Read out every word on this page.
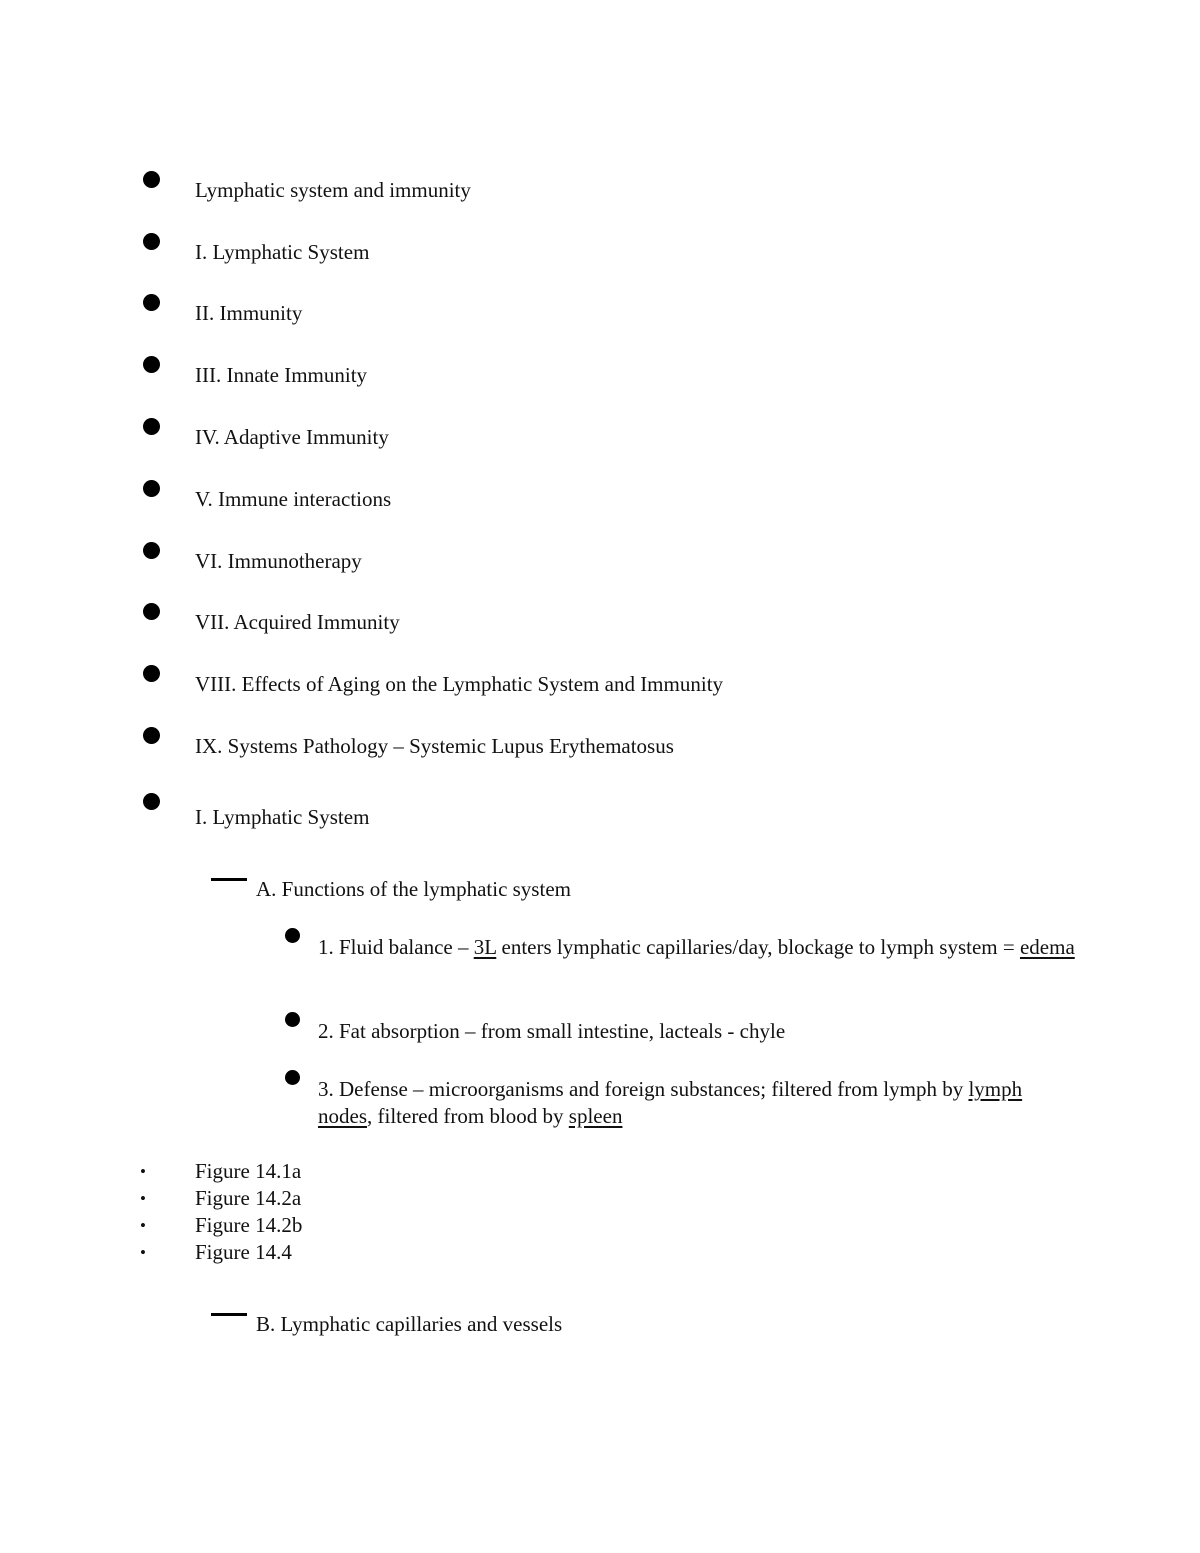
Lymphatic system and immunity
I. Lymphatic System
II. Immunity
III. Innate Immunity
IV. Adaptive Immunity
V. Immune interactions
VI. Immunotherapy
VII. Acquired Immunity
VIII. Effects of Aging on the Lymphatic System and Immunity
IX. Systems Pathology – Systemic Lupus Erythematosus
I. Lymphatic System
A. Functions of the lymphatic system
1. Fluid balance – 3L enters lymphatic capillaries/day, blockage to lymph system = edema
2. Fat absorption – from small intestine, lacteals - chyle
3. Defense – microorganisms and foreign substances; filtered from lymph by lymph nodes, filtered from blood by spleen
• Figure 14.1a
• Figure 14.2a
• Figure 14.2b
• Figure 14.4
B. Lymphatic capillaries and vessels
